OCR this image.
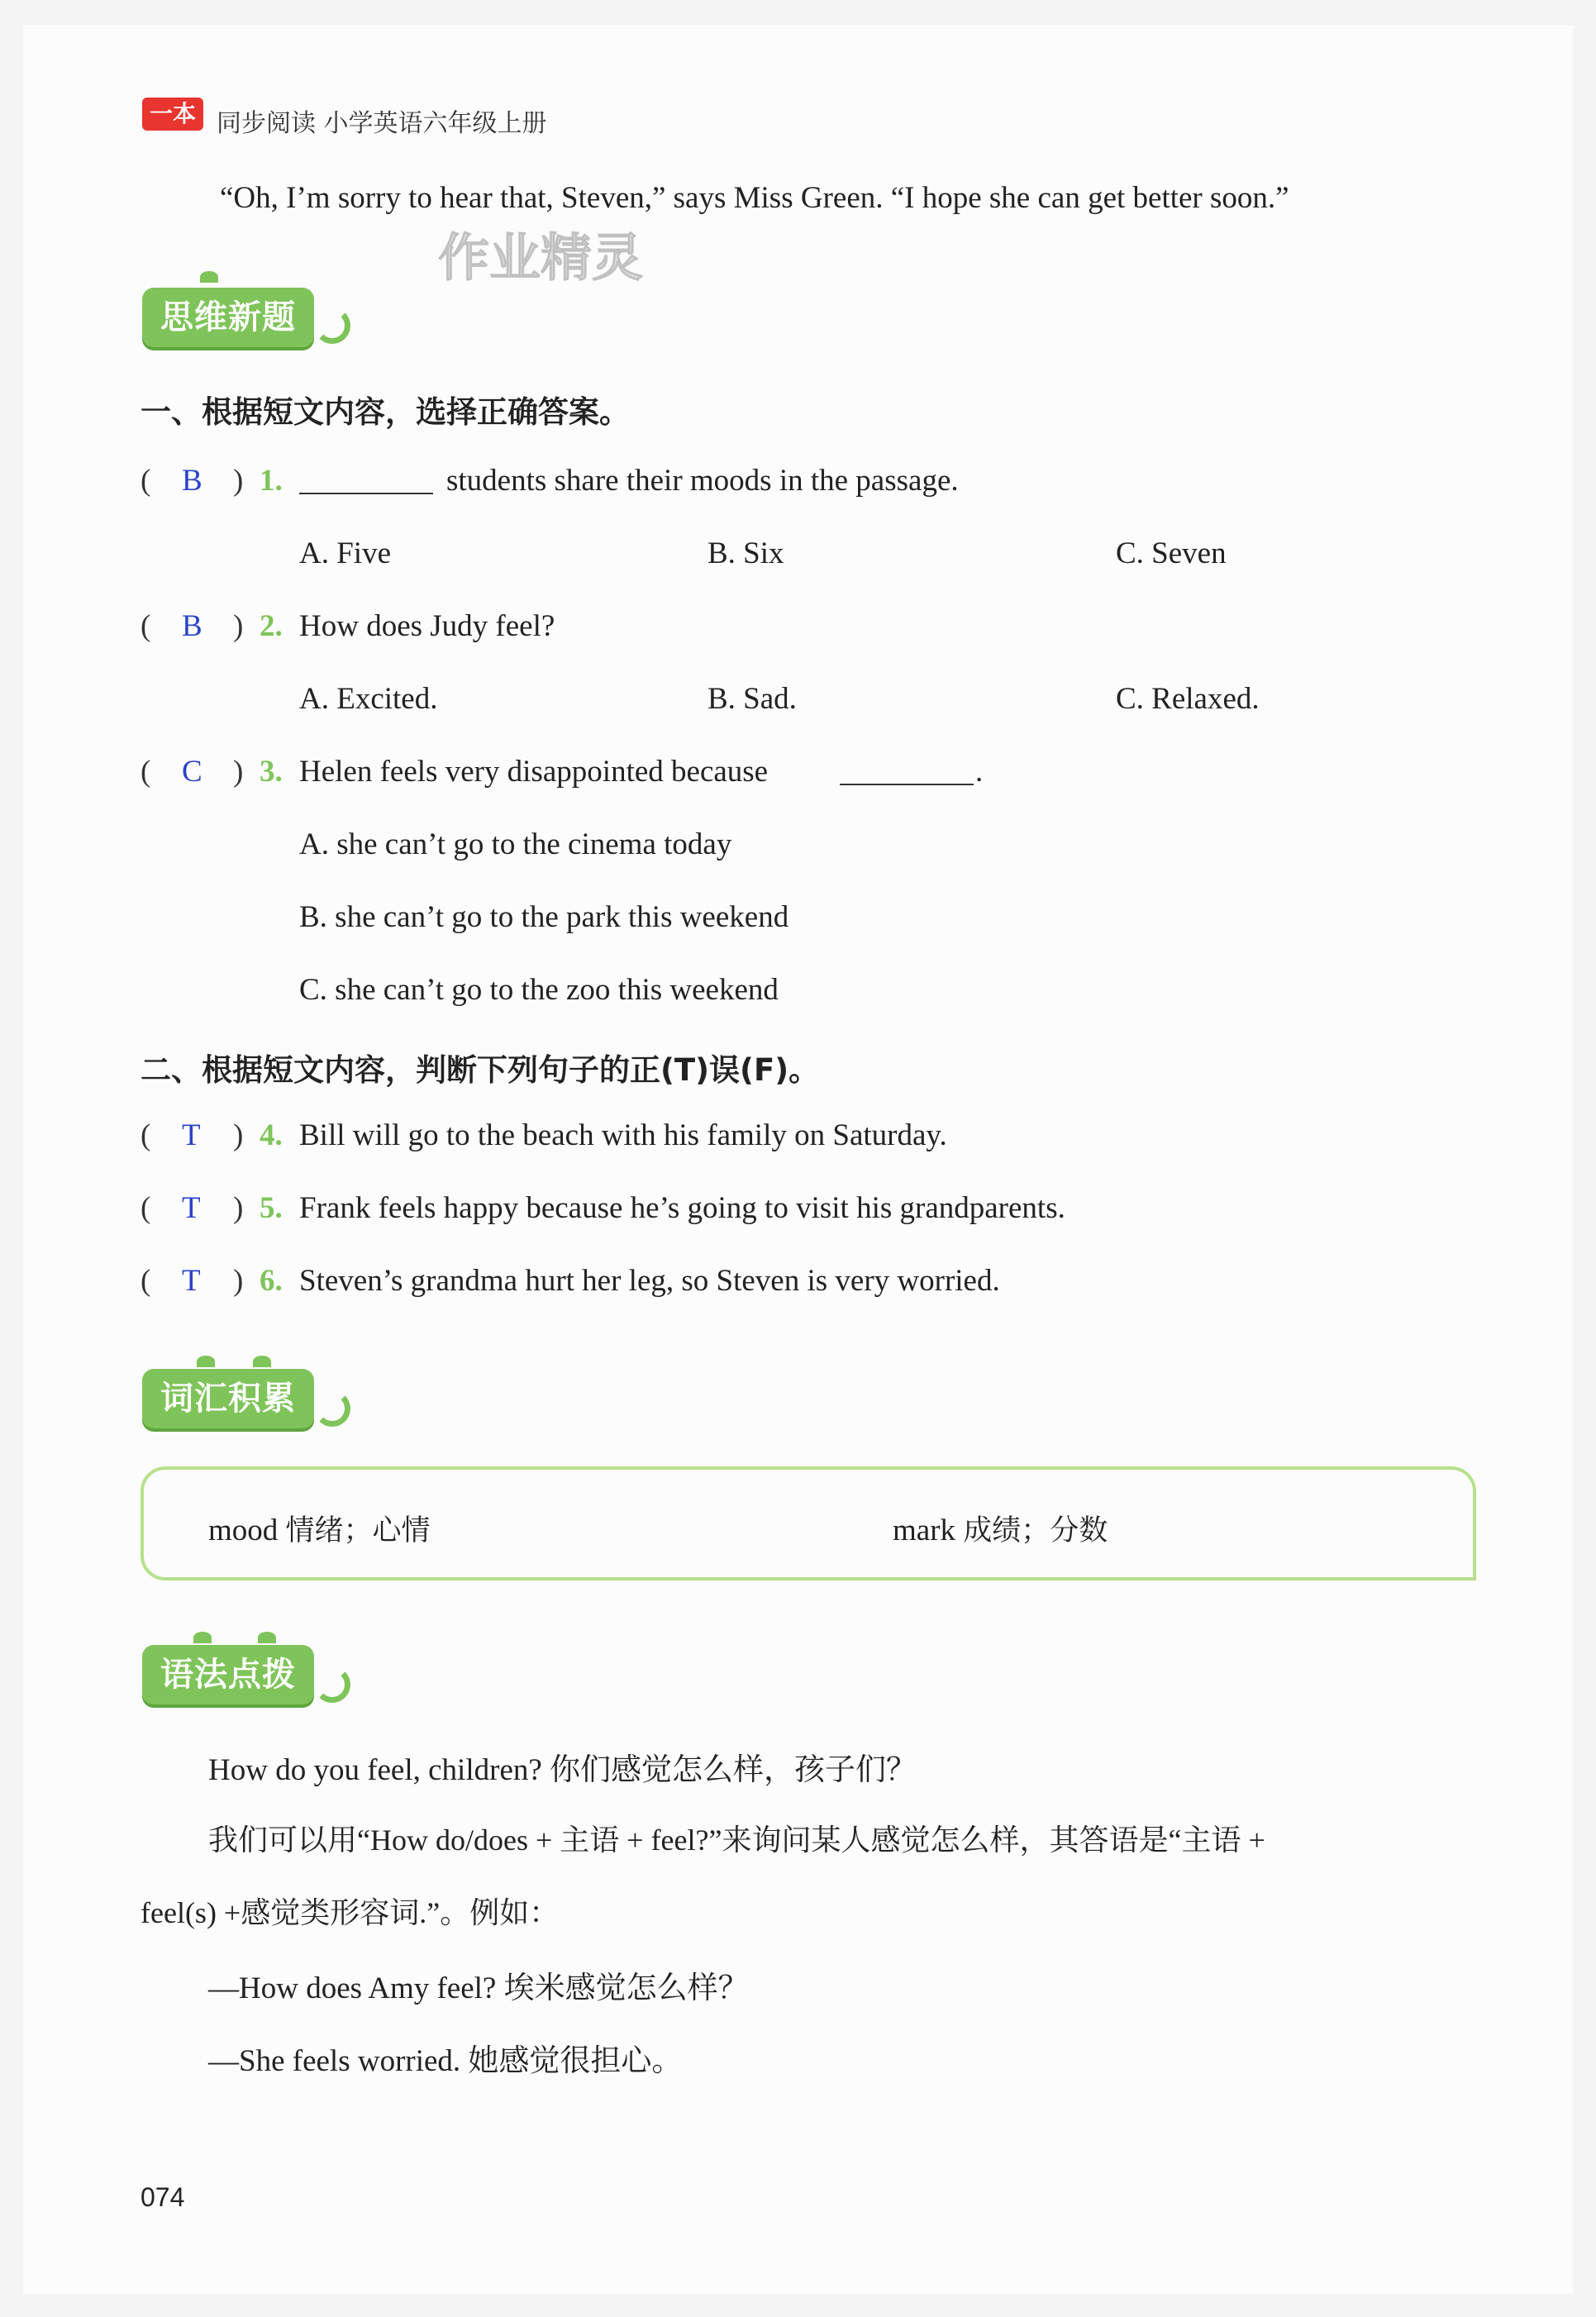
一本 同步阅读 小学英语六年级上册
“Oh, I’m sorry to hear that, Steven,” says Miss Green. “I hope she can get better soon.”
作业精灵
思维新题
一、根据短文内容，选择正确答案。
( B ) 1.	students share their moods in the passage.
A. Five	B. Six	C. Seven
( B ) 2. How does Judy feel?
A. Excited.	B. Sad.	C. Relaxed.
( C ) 3. Helen feels very disappointed because	.
A. she can’t go to the cinema today
B. she can’t go to the park this weekend
C. she can’t go to the zoo this weekend
二、根据短文内容，判断下列句子的正(T)误(F)。
( T ) 4. Bill will go to the beach with his family on Saturday.
( T ) 5. Frank feels happy because he’s going to visit his grandparents.
( T ) 6. Steven’s grandma hurt her leg, so Steven is very worried.
词汇积累
mood 情绪；心情	mark 成绩；分数
语法点拨
How do you feel, children? 你们感觉怎么样，孩子们？
我们可以用“How do/does + 主语 + feel?”来询问某人感觉怎么样，其答语是“主语 +
feel(s) +感觉类形容词.”。例如：
—How does Amy feel? 埃米感觉怎么样？
—She feels worried. 她感觉很担心。
074
